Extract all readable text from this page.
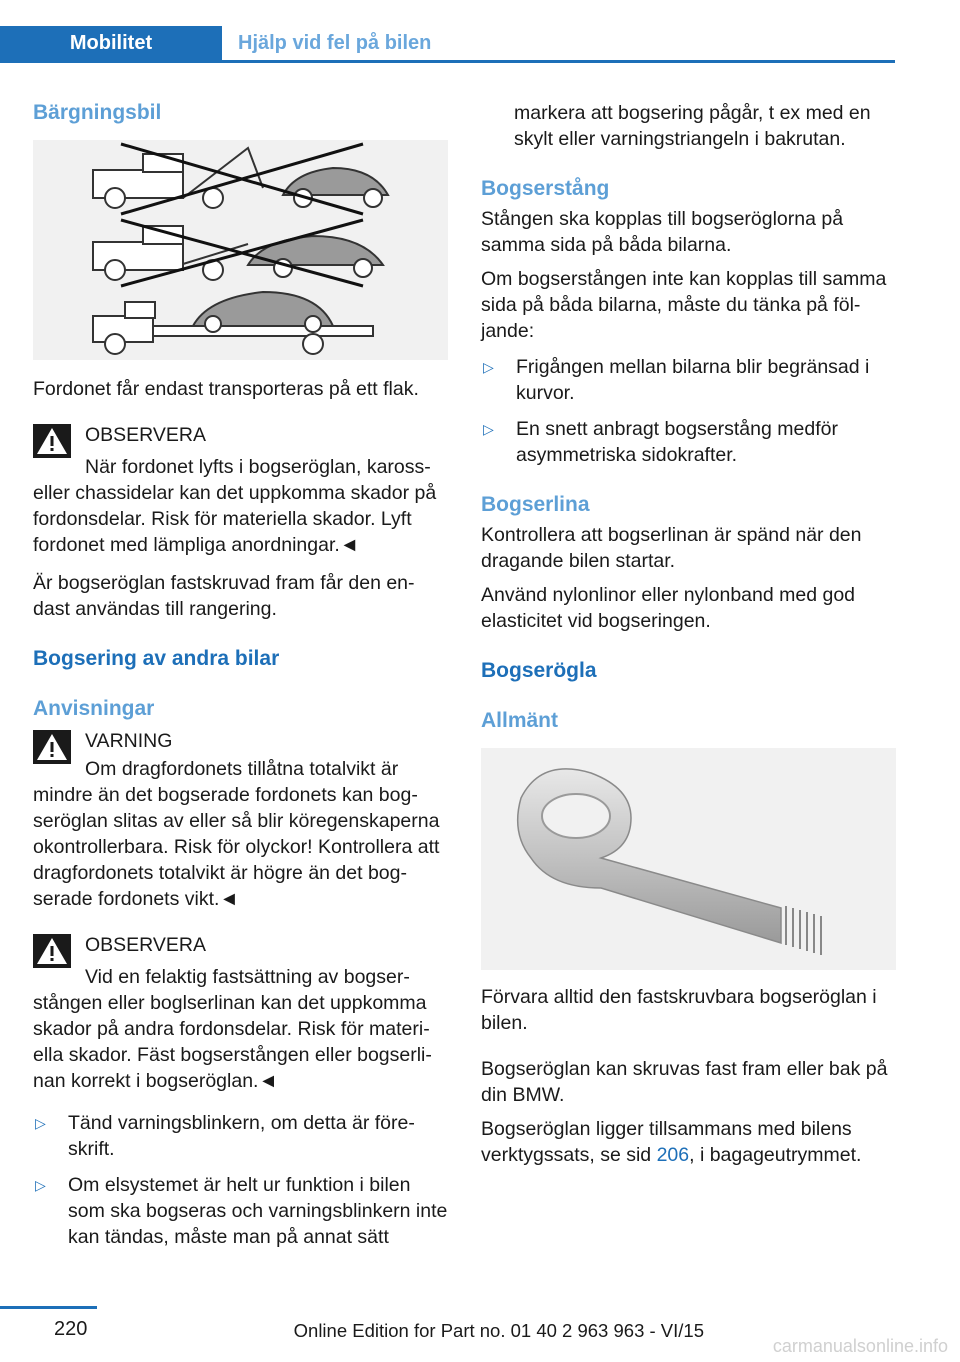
Mobilitet	Hjälp vid fel på bilen
Bärgningsbil

Fordonet får endast transporteras på ett flak.

OBSERVERA
När fordonet lyfts i bogseröglan, kaross-
eller chassidelar kan det uppkomma skador på fordonsdelar. Risk för materiella skador. Lyft fordonet med lämpliga anordningar.◄

Är bogseröglan fastskruvad fram får den en-dast användas till rangering.

Bogsering av andra bilar
Anvisningar
VARNING
Om dragfordonets tillåtna totalvikt är
mindre än det bogserade fordonets kan bog-seröglan slitas av eller så blir köregenskaperna okontrollerbara. Risk för olyckor! Kontrollera att dragfordonets totalvikt är högre än det bog-serade fordonets vikt.◄
OBSERVERA
Vid en felaktig fastsättning av bogser-
stången eller boglserlinan kan det uppkomma skador på andra fordonsdelar. Risk för materi-ella skador. Fäst bogserstången eller bogserli-nan korrekt i bogseröglan.◄
▷	Tänd varningsblinkern, om detta är före-skrift.
▷	Om elsystemet är helt ur funktion i bilen som ska bogseras och varningsblinkern inte kan tändas, måste man på annat sätt
markera att bogsering pågår, t ex med en skylt eller varningstriangeln i bakrutan.
Bogserstång

Stången ska kopplas till bogseröglorna på samma sida på båda bilarna.

Om bogserstången inte kan kopplas till samma sida på båda bilarna, måste du tänka på föl-jande:

▷	Frigången mellan bilarna blir begränsad i kurvor.
▷	En snett anbragt bogserstång medför asymmetriska sidokrafter.
Bogserlina

Kontrollera att bogserlinan är spänd när den dragande bilen startar.

Använd nylonlinor eller nylonband med god elasticitet vid bogseringen.

Bogserögla
Allmänt

Förvara alltid den fastskruvbara bogseröglan i bilen.

Bogseröglan kan skruvas fast fram eller bak på din BMW.

Bogseröglan ligger tillsammans med bilens verktygssats, se sid 206, i bagageutrymmet.

220	Online Edition for Part no. 01 40 2 963 963 - VI/15
carmanualsonline.info
